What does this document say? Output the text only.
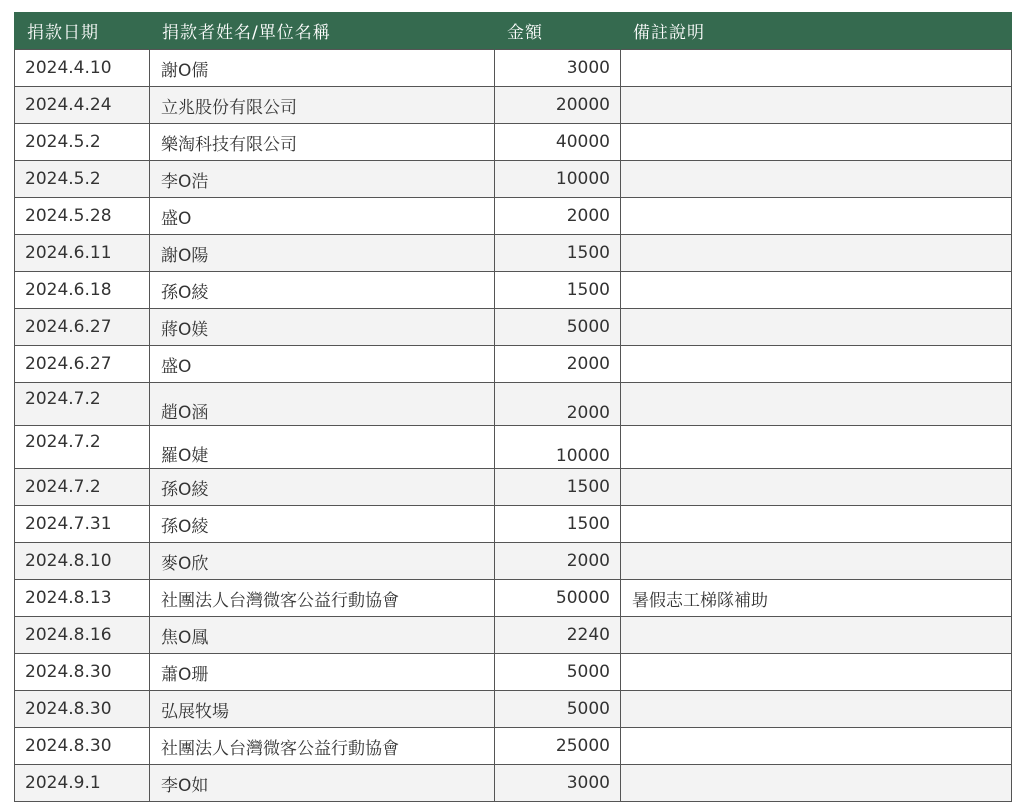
捐款日期	捐款者姓名/單位名稱	金額	備註說明
2024.4.10	謝O儒	3000	
2024.4.24	立兆股份有限公司	20000	
2024.5.2	樂淘科技有限公司	40000	
2024.5.2	李O浩	10000	
2024.5.28	盛O	2000	
2024.6.11	謝O陽	1500	
2024.6.18	孫O綾	1500	
2024.6.27	蔣O媄	5000	
2024.6.27	盛O	2000	
2024.7.2	趙O涵	2000	
2024.7.2	羅O婕	10000	
2024.7.2	孫O綾	1500	
2024.7.31	孫O綾	1500	
2024.8.10	麥O欣	2000	
2024.8.13	社團法人台灣微客公益行動協會	50000	暑假志工梯隊補助
2024.8.16	焦O鳳	2240	
2024.8.30	蕭O珊	5000	
2024.8.30	弘展牧場	5000	
2024.8.30	社團法人台灣微客公益行動協會	25000	
2024.9.1	李O如	3000	
